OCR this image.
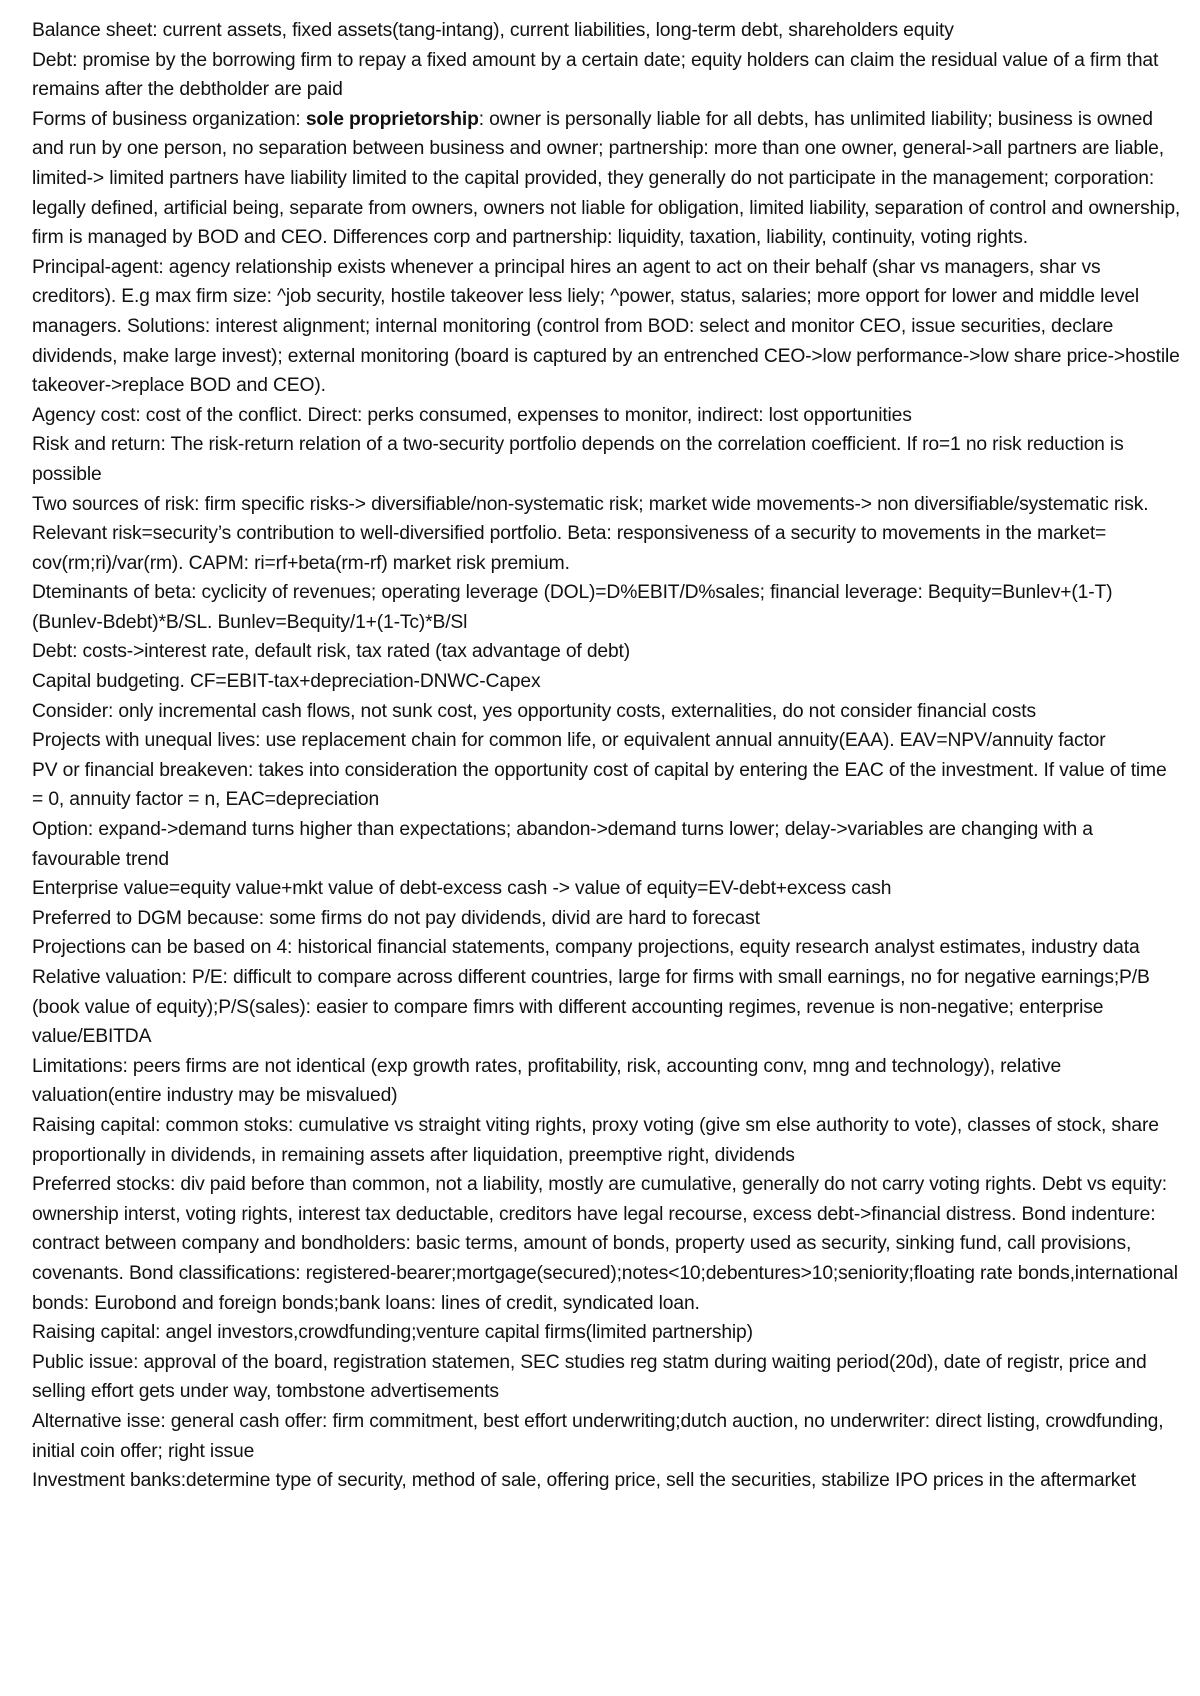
Balance sheet: current assets, fixed assets(tang-intang), current liabilities, long-term debt, shareholders equity

Debt: promise by the borrowing firm to repay a fixed amount by a certain date; equity holders can claim the residual value of a firm that remains after the debtholder are paid

Forms of business organization: sole proprietorship: owner is personally liable for all debts, has unlimited liability; business is owned and run by one person, no separation between business and owner; partnership: more than one owner, general->all partners are liable, limited-> limited partners have liability limited to the capital provided, they generally do not participate in the management; corporation: legally defined, artificial being, separate from owners, owners not liable for obligation, limited liability, separation of control and ownership, firm is managed by BOD and CEO. Differences corp and partnership: liquidity, taxation, liability, continuity, voting rights.

Principal-agent: agency relationship exists whenever a principal hires an agent to act on their behalf (shar vs managers, shar vs creditors). E.g max firm size: ^job security, hostile takeover less liely; ^power, status, salaries; more opport for lower and middle level managers. Solutions: interest alignment; internal monitoring (control from BOD: select and monitor CEO, issue securities, declare dividends, make large invest); external monitoring (board is captured by an entrenched CEO->low performance->low share price->hostile takeover->replace BOD and CEO).

Agency cost: cost of the conflict. Direct: perks consumed, expenses to monitor, indirect: lost opportunities

Risk and return: The risk-return relation of a two-security portfolio depends on the correlation coefficient. If ro=1 no risk reduction is possible

Two sources of risk: firm specific risks-> diversifiable/non-systematic risk; market wide movements-> non diversifiable/systematic risk. Relevant risk=security’s contribution to well-diversified portfolio. Beta: responsiveness of a security to movements in the market= cov(rm;ri)/var(rm). CAPM: ri=rf+beta(rm-rf) market risk premium.

Dteminants of beta: cyclicity of revenues; operating leverage (DOL)=D%EBIT/D%sales; financial leverage: Bequity=Bunlev+(1-T)(Bunlev-Bdebt)*B/SL. Bunlev=Bequity/1+(1-Tc)*B/Sl

Debt: costs->interest rate, default risk, tax rated (tax advantage of debt)

Capital budgeting. CF=EBIT-tax+depreciation-DNWC-Capex

Consider: only incremental cash flows, not sunk cost, yes opportunity costs, externalities, do not consider financial costs

Projects with unequal lives: use replacement chain for common life, or equivalent annual annuity(EAA). EAV=NPV/annuity factor

PV or financial breakeven: takes into consideration the opportunity cost of capital by entering the EAC of the investment. If value of time = 0, annuity factor = n, EAC=depreciation

Option: expand->demand turns higher than expectations; abandon->demand turns lower; delay->variables are changing with a favourable trend

Enterprise value=equity value+mkt value of debt-excess cash -> value of equity=EV-debt+excess cash

Preferred to DGM because: some firms do not pay dividends, divid are hard to forecast

Projections can be based on 4: historical financial statements, company projections, equity research analyst estimates, industry data

Relative valuation: P/E: difficult to compare across different countries, large for firms with small earnings, no for negative earnings;P/B (book value of equity);P/S(sales): easier to compare fimrs with different accounting regimes, revenue is non-negative; enterprise value/EBITDA

Limitations: peers firms are not identical (exp growth rates, profitability, risk, accounting conv, mng and technology), relative valuation(entire industry may be misvalued)

Raising capital: common stoks: cumulative vs straight viting rights, proxy voting (give sm else authority to vote), classes of stock, share proportionally in dividends, in remaining assets after liquidation, preemptive right, dividends

Preferred stocks: div paid before than common, not a liability, mostly are cumulative, generally do not carry voting rights. Debt vs equity: ownership interst, voting rights, interest tax deductable, creditors have legal recourse, excess debt->financial distress. Bond indenture: contract between company and bondholders: basic terms, amount of bonds, property used as security, sinking fund, call provisions, covenants. Bond classifications: registered-bearer;mortgage(secured);notes<10;debentures>10;seniority;floating rate bonds,international bonds: Eurobond and foreign bonds;bank loans: lines of credit, syndicated loan.

Raising capital: angel investors,crowdfunding;venture capital firms(limited partnership)

Public issue: approval of the board, registration statemen, SEC studies reg statm during waiting period(20d), date of registr, price and selling effort gets under way, tombstone advertisements

Alternative isse: general cash offer: firm commitment, best effort underwriting;dutch auction, no underwriter: direct listing, crowdfunding, initial coin offer; right issue

Investment banks:determine type of security, method of sale, offering price, sell the securities, stabilize IPO prices in the aftermarket
